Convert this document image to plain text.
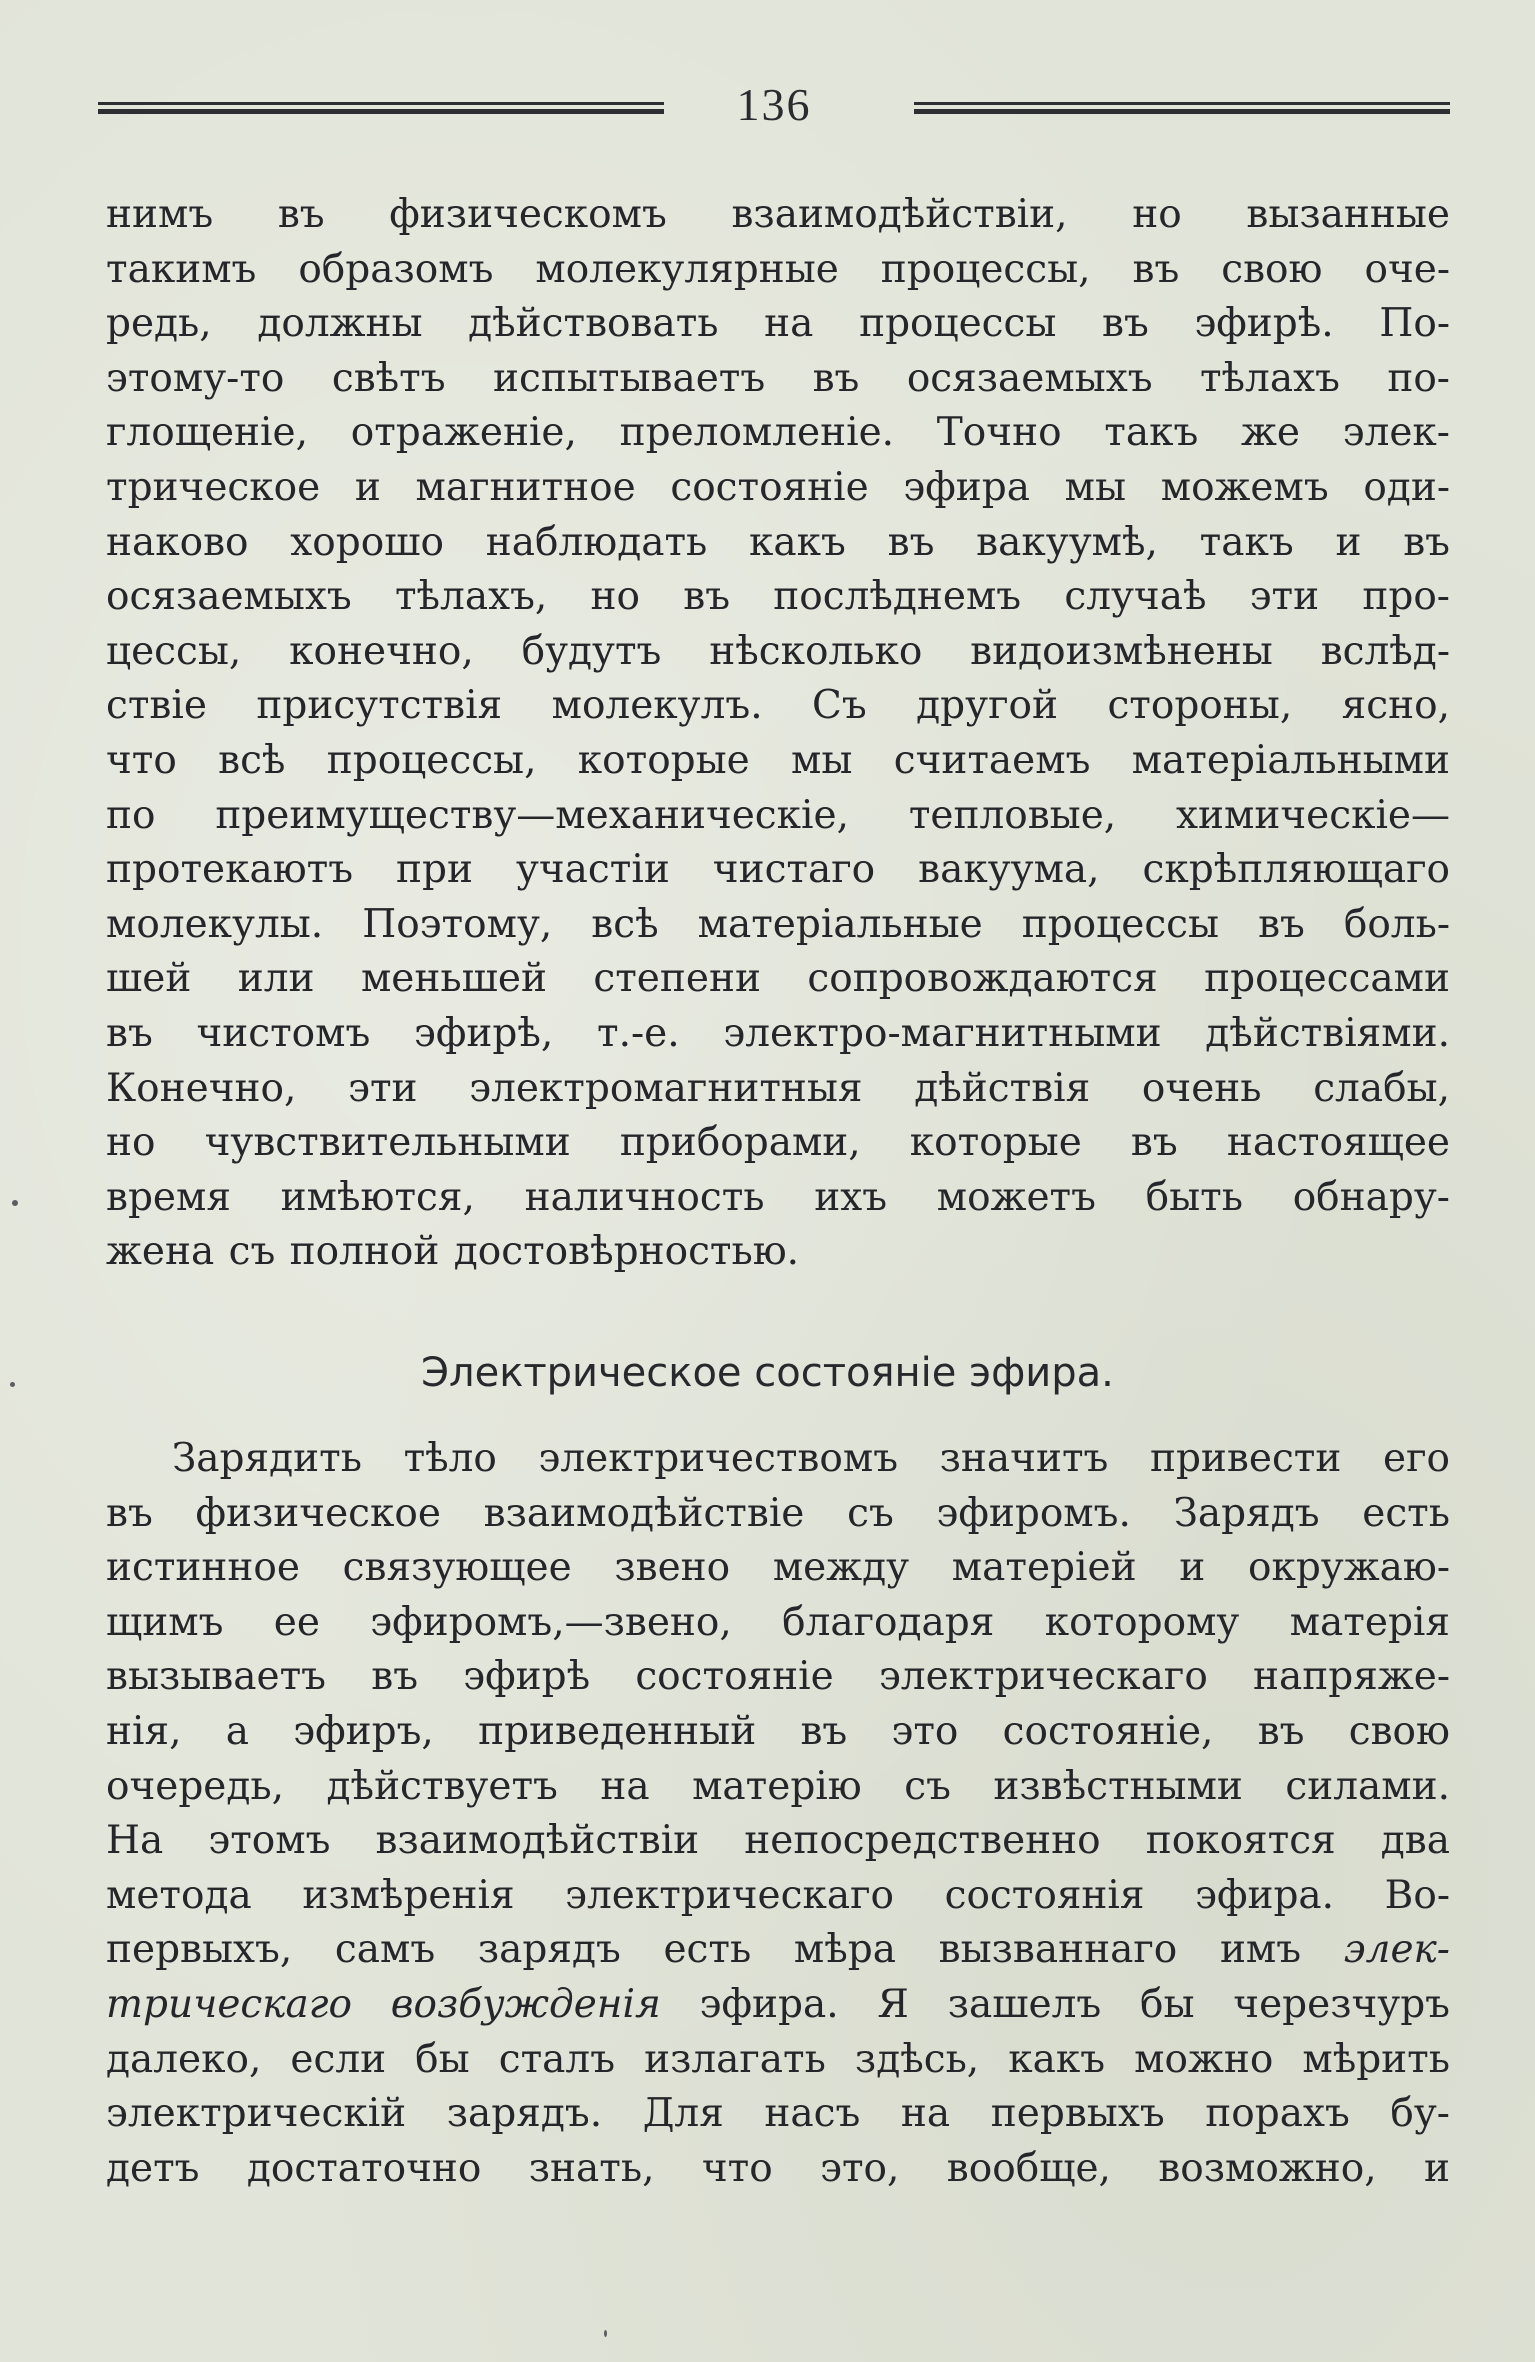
136
нимъ въ физическомъ взаимодѣйствiи, но вызанные
такимъ образомъ молекулярные процессы, въ свою оче-
редь, должны дѣйствовать на процессы въ эфирѣ. По-
этому-то свѣтъ испытываетъ въ осязаемыхъ тѣлахъ по-
глощенiе, отраженiе, преломленiе. Точно такъ же элек-
трическое и магнитное состоянiе эфира мы можемъ оди-
наково хорошо наблюдать какъ въ вакуумѣ, такъ и въ
осязаемыхъ тѣлахъ, но въ послѣднемъ случаѣ эти про-
цессы, конечно, будутъ нѣсколько видоизмѣнены вслѣд-
ствiе присутствiя молекулъ. Съ другой стороны, ясно,
что всѣ процессы, которые мы считаемъ матерiальными
по преимуществу—механическiе, тепловые, химическiе—
протекаютъ при участiи чистаго вакуума, скрѣпляющаго
молекулы. Поэтому, всѣ матерiальные процессы въ боль-
шей или меньшей степени сопровождаются процессами
въ чистомъ эфирѣ, т.-е. электро-магнитными дѣйствiями.
Конечно, эти электромагнитныя дѣйствiя очень слабы,
но чувствительными приборами, которые въ настоящее
время имѣются, наличность ихъ можетъ быть обнару-
жена съ полной достовѣрностью.
Электрическое состоянiе эфира.
Зарядить тѣло электричествомъ значитъ привести его
въ физическое взаимодѣйствiе съ эфиромъ. Зарядъ есть
истинное связующее звено между матерiей и окружаю-
щимъ ее эфиромъ,—звено, благодаря которому матерiя
вызываетъ въ эфирѣ состоянiе электрическаго напряже-
нiя, а эфиръ, приведенный въ это состоянiе, въ свою
очередь, дѣйствуетъ на матерiю съ извѣстными силами.
На этомъ взаимодѣйствiи непосредственно покоятся два
метода измѣренiя электрическаго состоянiя эфира. Во-
первыхъ, самъ зарядъ есть мѣра вызваннаго имъ элек-
трическаго возбужденiя эфира. Я зашелъ бы черезчуръ
далеко, если бы сталъ излагать здѣсь, какъ можно мѣрить
электрическiй зарядъ. Для насъ на первыхъ порахъ бу-
детъ достаточно знать, что это, вообще, возможно, и
